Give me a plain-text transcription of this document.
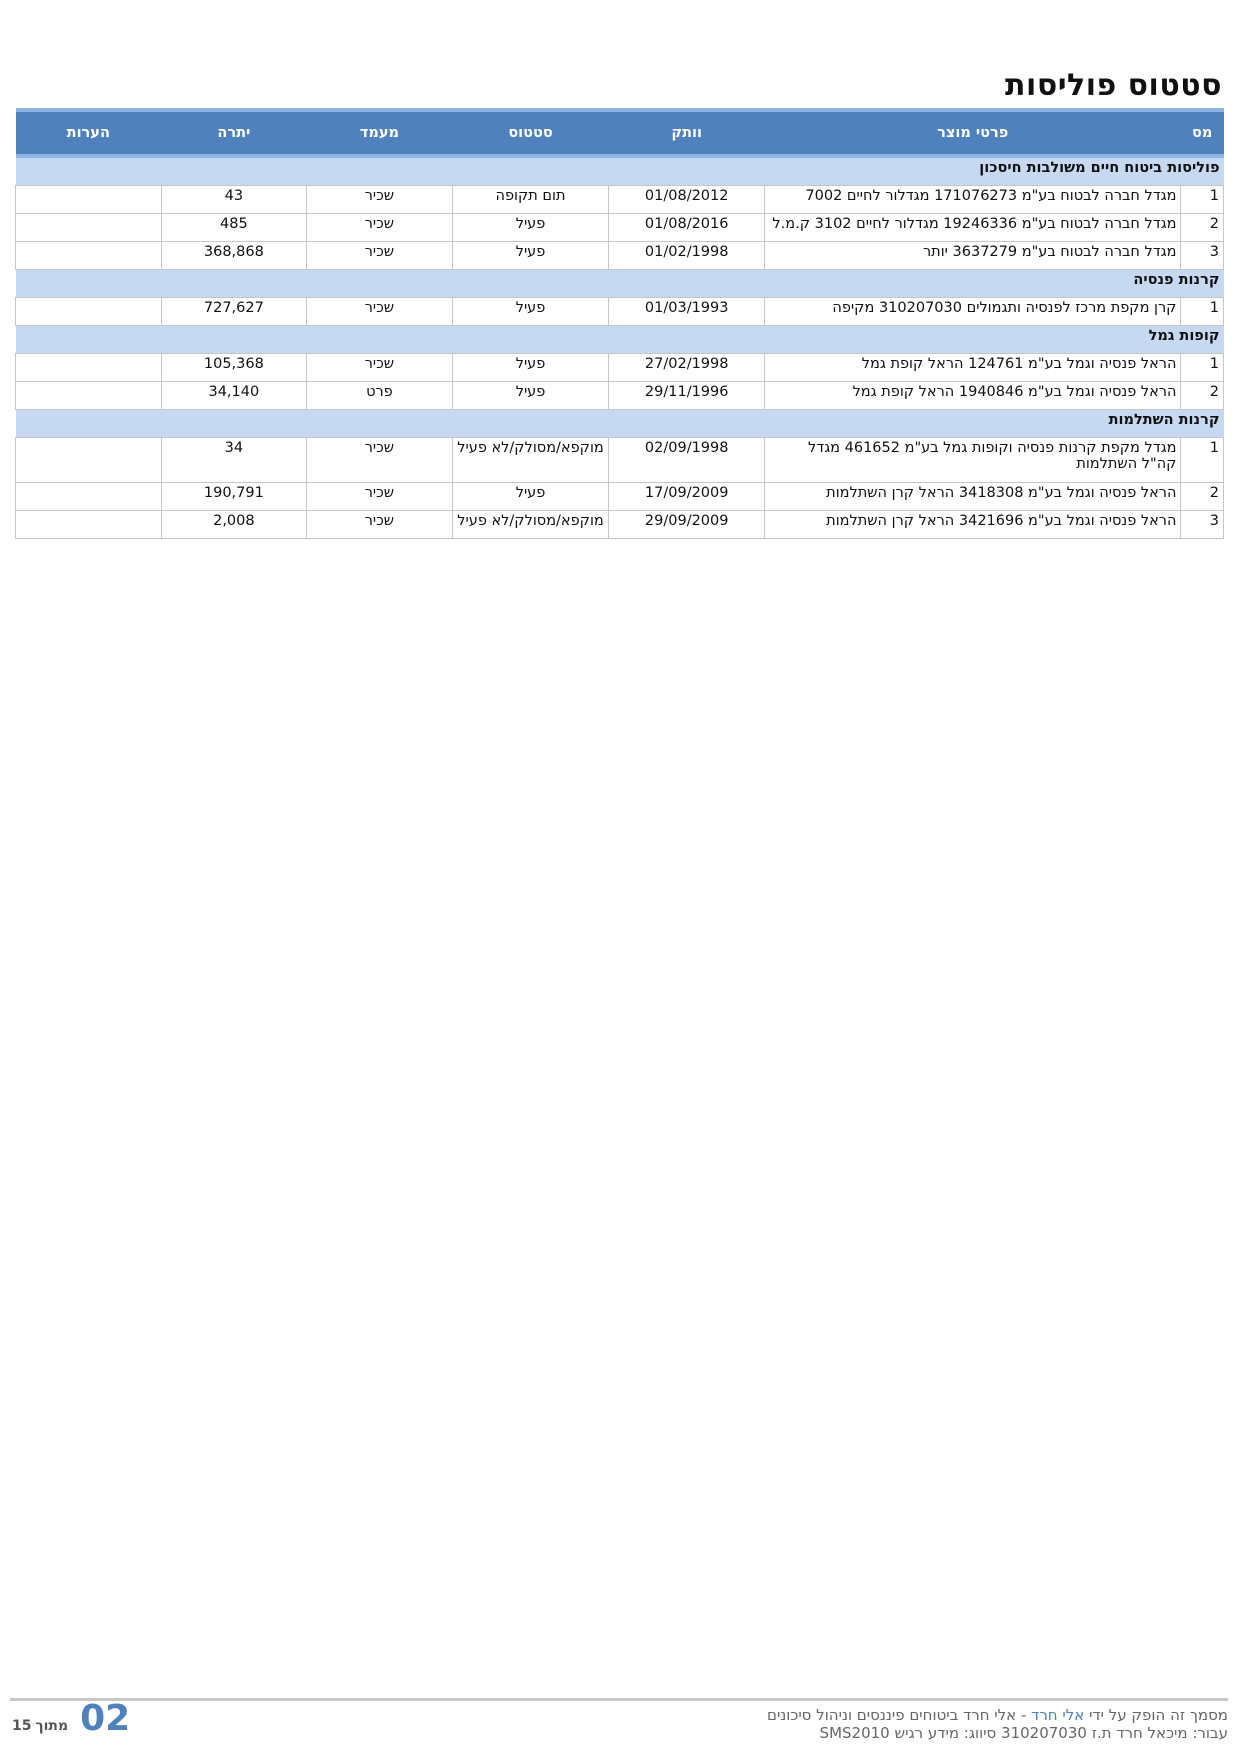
סטטוס פוליסות
מס	פרטי מוצר	וותק	סטטוס	מעמד	יתרה	הערות
פוליסות ביטוח חיים משולבות חיסכון						
1	מגדל חברה לבטוח בע"מ 171076273 מגדלור לחיים 7002	01/08/2012	תום תקופה	שכיר	43	
2	מגדל חברה לבטוח בע"מ 19246336 מגדלור לחיים 3102 ק.מ.ל	01/08/2016	פעיל	שכיר	485	
3	מגדל חברה לבטוח בע"מ 3637279 יותר	01/02/1998	פעיל	שכיר	368,868	
קרנות פנסיה						
1	קרן מקפת מרכז לפנסיה ותגמולים 310207030 מקיפה	01/03/1993	פעיל	שכיר	727,627	
קופות גמל						
1	הראל פנסיה וגמל בע"מ 124761 הראל קופת גמל	27/02/1998	פעיל	שכיר	105,368	
2	הראל פנסיה וגמל בע"מ 1940846 הראל קופת גמל	29/11/1996	פעיל	פרט	34,140	
קרנות השתלמות						
1	מגדל מקפת קרנות פנסיה וקופות גמל בע"מ 461652 מגדל קה"ל השתלמות	02/09/1998	מוקפא/מסולק/לא פעיל	שכיר	34	
2	הראל פנסיה וגמל בע"מ 3418308 הראל קרן השתלמות	17/09/2009	פעיל	שכיר	190,791	
3	הראל פנסיה וגמל בע"מ 3421696 הראל קרן השתלמות	29/09/2009	מוקפא/מסולק/לא פעיל	שכיר	2,008	
מסמך זה הופק על ידי אלי חרד - אלי חרד ביטוחים פיננסים וניהול סיכונים
עבור: מיכאל חרד ת.ז 310207030 סיווג: מידע רגיש SMS2010
15 מתוך 02
